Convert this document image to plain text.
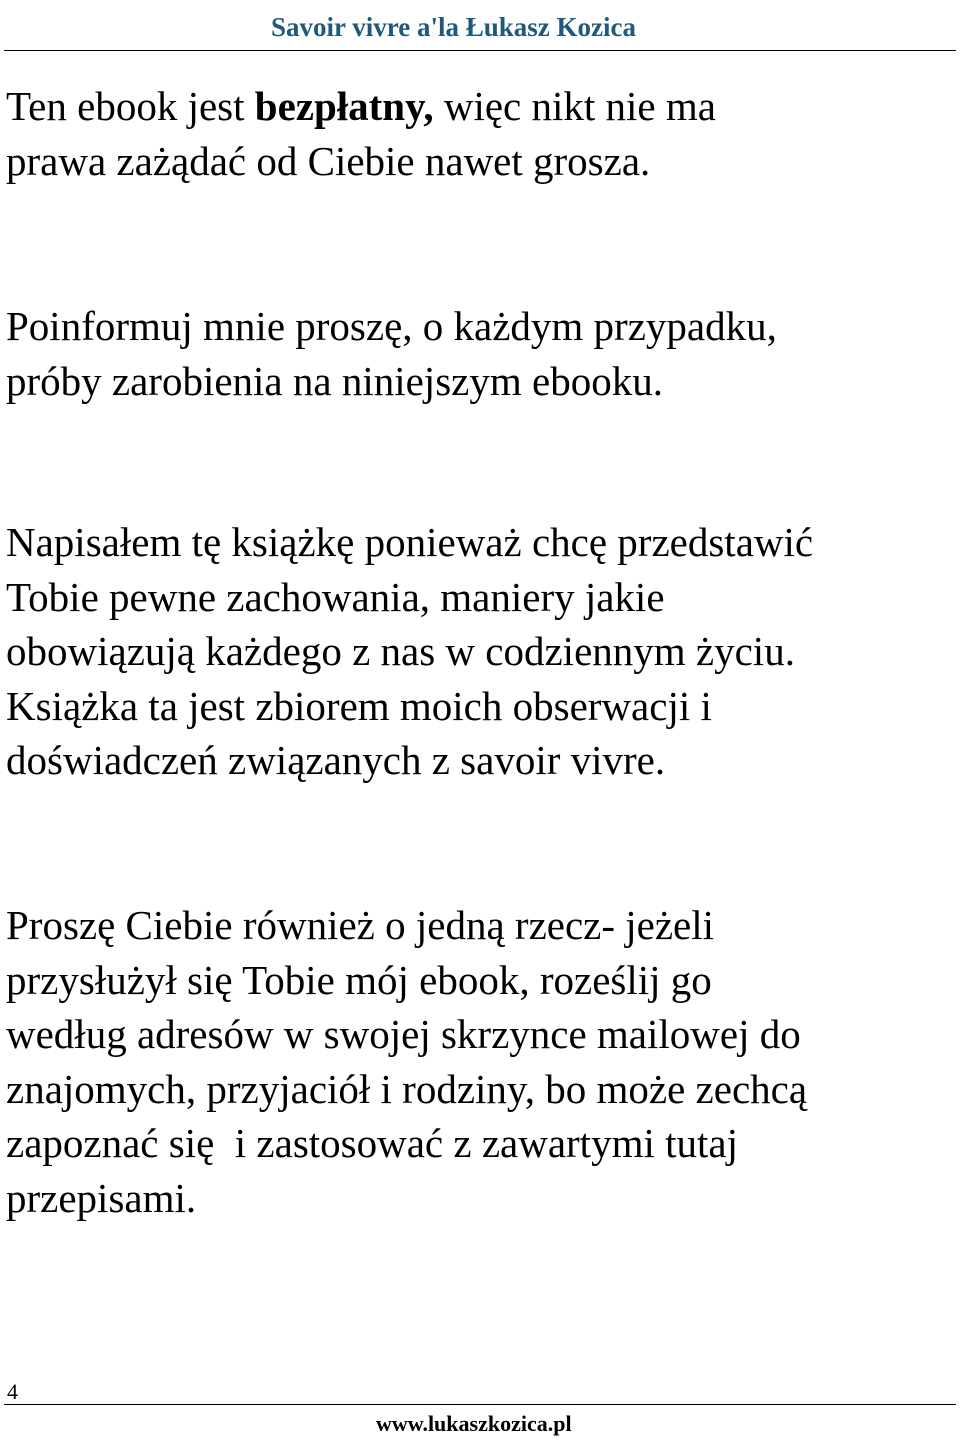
Savoir vivre a'la Łukasz Kozica

Ten ebook jest bezpłatny, więc nikt nie ma
prawa zażądać od Ciebie nawet grosza.

Poinformuj mnie proszę, o każdym przypadku,
próby zarobienia na niniejszym ebooku.

Napisałem tę książkę ponieważ chcę przedstawić
Tobie pewne zachowania, maniery jakie
obowiązują każdego z nas w codziennym życiu.
Książka ta jest zbiorem moich obserwacji i
doświadczeń związanych z savoir vivre.

Proszę Ciebie również o jedną rzecz- jeżeli
przysłużył się Tobie mój ebook, roześlij go
według adresów w swojej skrzynce mailowej do
znajomych, przyjaciół i rodziny, bo może zechcą
zapoznać się  i zastosować z zawartymi tutaj
przepisami.

4
www.lukaszkozica.pl
